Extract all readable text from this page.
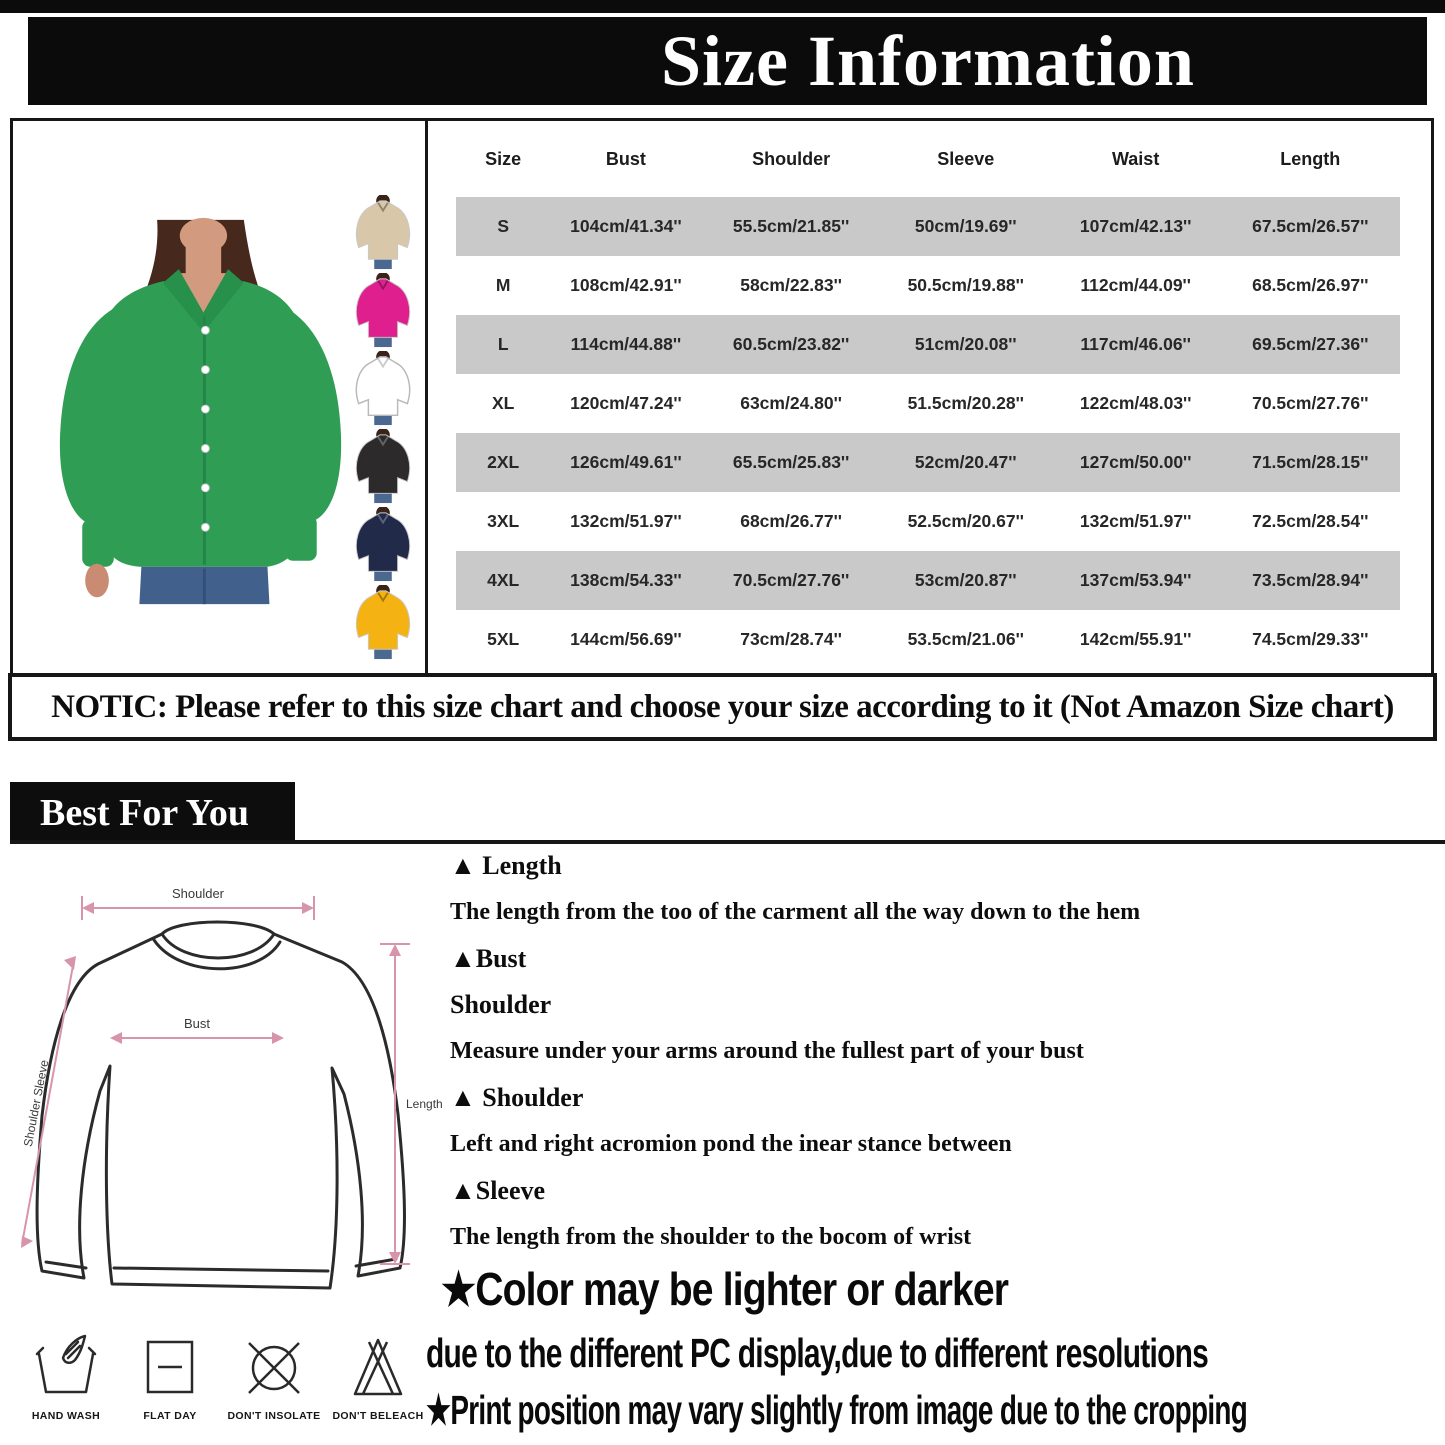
Size Information
Size	Bust	Shoulder	Sleeve	Waist	Length
S	104cm/41.34''	55.5cm/21.85''	50cm/19.69''	107cm/42.13''	67.5cm/26.57''
M	108cm/42.91''	58cm/22.83''	50.5cm/19.88''	112cm/44.09''	68.5cm/26.97''
L	114cm/44.88''	60.5cm/23.82''	51cm/20.08''	117cm/46.06''	69.5cm/27.36''
XL	120cm/47.24''	63cm/24.80''	51.5cm/20.28''	122cm/48.03''	70.5cm/27.76''
2XL	126cm/49.61''	65.5cm/25.83''	52cm/20.47''	127cm/50.00''	71.5cm/28.15''
3XL	132cm/51.97''	68cm/26.77''	52.5cm/20.67''	132cm/51.97''	72.5cm/28.54''
4XL	138cm/54.33''	70.5cm/27.76''	53cm/20.87''	137cm/53.94''	73.5cm/28.94''
5XL	144cm/56.69''	73cm/28.74''	53.5cm/21.06''	142cm/55.91''	74.5cm/29.33''
NOTIC: Please refer to this size chart and choose your size according to it (Not Amazon Size chart)
Best For You
Shoulder
Bust
Length
Shoulder Sleeve
▲ Length
The length from the too of the carment all the way down to the hem
▲Bust
Shoulder
Measure under your arms around the fullest part of your bust
▲ Shoulder
Left and right acromion pond the inear stance between
▲Sleeve
The length from the shoulder to the bocom of wrist
★Color may be lighter or darker
due to the different PC display,due to different resolutions
★Print position may vary slightly from image due to the cropping
HAND WASH	FLAT DAY	DON'T INSOLATE DON'T BELEACH
